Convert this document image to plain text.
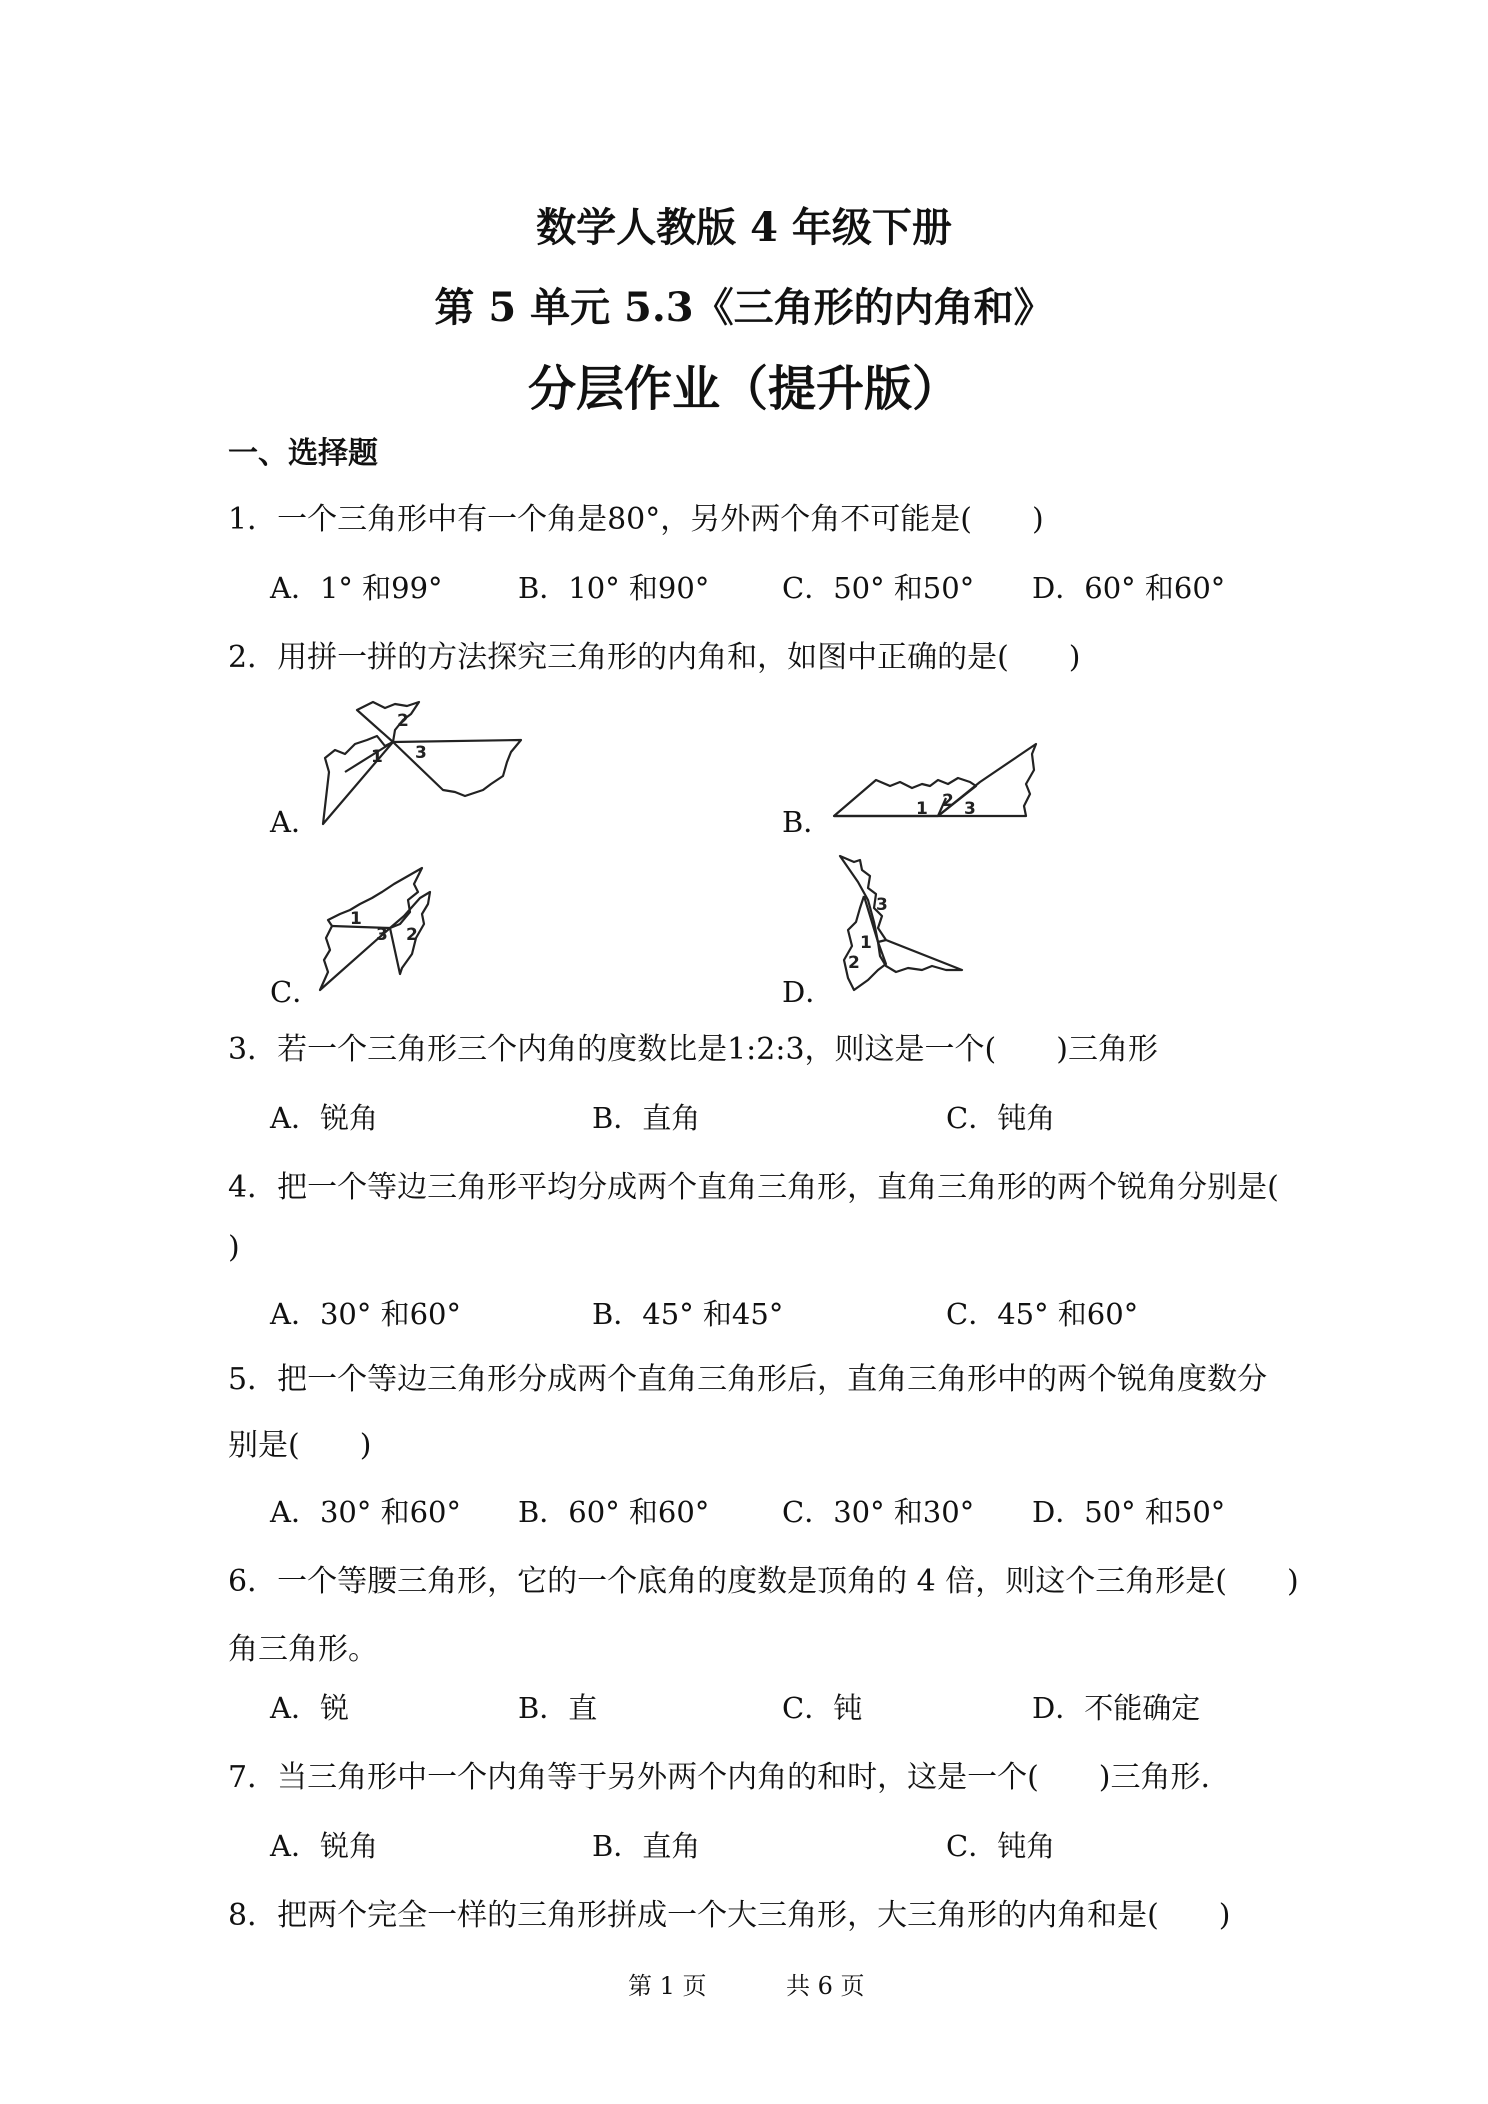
数学人教版 4 年级下册
第 5 单元 5.3《三角形的内角和》
分层作业（提升版）
一、选择题
1．一个三角形中有一个角是80°，另外两个角不可能是(　　)
A．1° 和99°	B．10° 和90°	C．50° 和50° D．60° 和60°
2．用拼一拼的方法探究三角形的内角和，如图中正确的是(　　)
A．
1
2
3
B．	1 2 3
C．
1
2
3
D．
1
2
3
3．若一个三角形三个内角的度数比是1:2:3，则这是一个(　　)三角形
A．锐角	B．直角	C．钝角
4．把一个等边三角形平均分成两个直角三角形，直角三角形的两个锐角分别是(
)
A．30° 和60°	B．45° 和45°	C．45° 和60°
5．把一个等边三角形分成两个直角三角形后，直角三角形中的两个锐角度数分
别是(　　)
A．30° 和60° B．60° 和60°	C．30° 和30° D．50° 和50°
6．一个等腰三角形，它的一个底角的度数是顶角的 4 倍，则这个三角形是(　　)
角三角形。
A．锐	B．直	C．钝	D．不能确定
7．当三角形中一个内角等于另外两个内角的和时，这是一个(　　)三角形.
A．锐角	B．直角	C．钝角
8．把两个完全一样的三角形拼成一个大三角形，大三角形的内角和是(　　)
第 1 页	共 6 页
